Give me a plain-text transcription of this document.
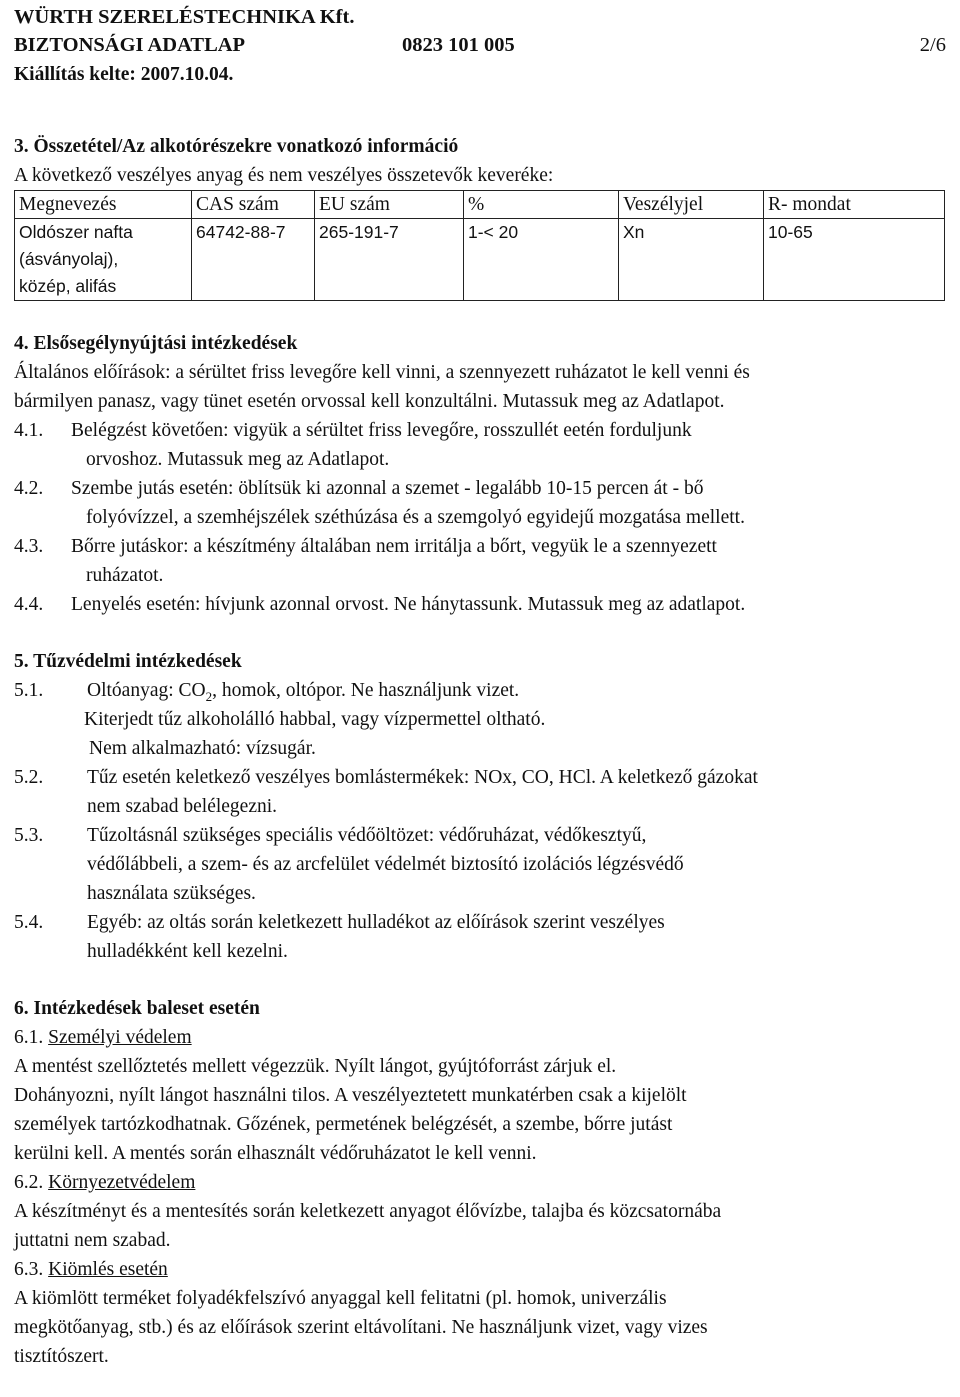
WÜRTH SZERELÉSTECHNIKA Kft.
BIZTONSÁGI ADATLAP	0823 101 005	2/6
Kiállítás kelte: 2007.10.04.
3. Összetétel/Az alkotórészekre vonatkozó információ
A következő veszélyes anyag és nem veszélyes összetevők keveréke:
Megnevezés	CAS szám	EU szám	%	Veszélyjel	R- mondat

Oldószer nafta
(ásványolaj),
közép, alifás	64742-88-7	265-191-7	1-< 20	Xn	10-65
4. Elsősegélynyújtási intézkedések
Általános előírások: a sérültet friss levegőre kell vinni, a szennyezett ruházatot le kell venni és
bármilyen panasz, vagy tünet esetén orvossal kell konzultálni. Mutassuk meg az Adatlapot.
4.1.	Belégzést követően: vigyük a sérültet friss levegőre, rosszullét eetén forduljunk
orvoshoz. Mutassuk meg az Adatlapot.
4.2.	Szembe jutás esetén: öblítsük ki azonnal a szemet - legalább 10-15 percen át - bő
folyóvízzel, a szemhéjszélek széthúzása és a szemgolyó egyidejű mozgatása mellett.
4.3.	Bőrre jutáskor: a készítmény általában nem irritálja a bőrt, vegyük le a szennyezett
ruházatot.
4.4.	Lenyelés esetén: hívjunk azonnal orvost. Ne hánytassunk. Mutassuk meg az adatlapot.
5. Tűzvédelmi intézkedések
5.1.	Oltóanyag: $CO_2$, homok, oltópor. Ne használjunk vizet.
Kiterjedt tűz alkoholálló habbal, vagy vízpermettel oltható.
Nem alkalmazható: vízsugár.
5.2.	Tűz esetén keletkező veszélyes bomlástermékek: NOx, CO, HCl. A keletkező gázokat
nem szabad belélegezni.
5.3.	Tűzoltásnál szükséges speciális védőöltözet: védőruházat, védőkesztyű,
védőlábbeli, a szem- és az arcfelület védelmét biztosító izolációs légzésvédő
használata szükséges.
5.4.	Egyéb: az oltás során keletkezett hulladékot az előírások szerint veszélyes
hulladékként kell kezelni.
6. Intézkedések baleset esetén
6.1. Személyi védelem
A mentést szellőztetés mellett végezzük. Nyílt lángot, gyújtóforrást zárjuk el.
Dohányozni, nyílt lángot használni tilos. A veszélyeztetett munkatérben csak a kijelölt
személyek tartózkodhatnak. Gőzének, permetének belégzését, a szembe, bőrre jutást
kerülni kell. A mentés során elhasznált védőruházatot le kell venni.
6.2. Környezetvédelem
A készítményt és a mentesítés során keletkezett anyagot élővízbe, talajba és közcsatornába
juttatni nem szabad.
6.3. Kiömlés esetén
A kiömlött terméket folyadékfelszívó anyaggal kell felitatni (pl. homok, univerzális
megkötőanyag, stb.) és az előírások szerint eltávolítani. Ne használjunk vizet, vagy vizes
tisztítószert.
